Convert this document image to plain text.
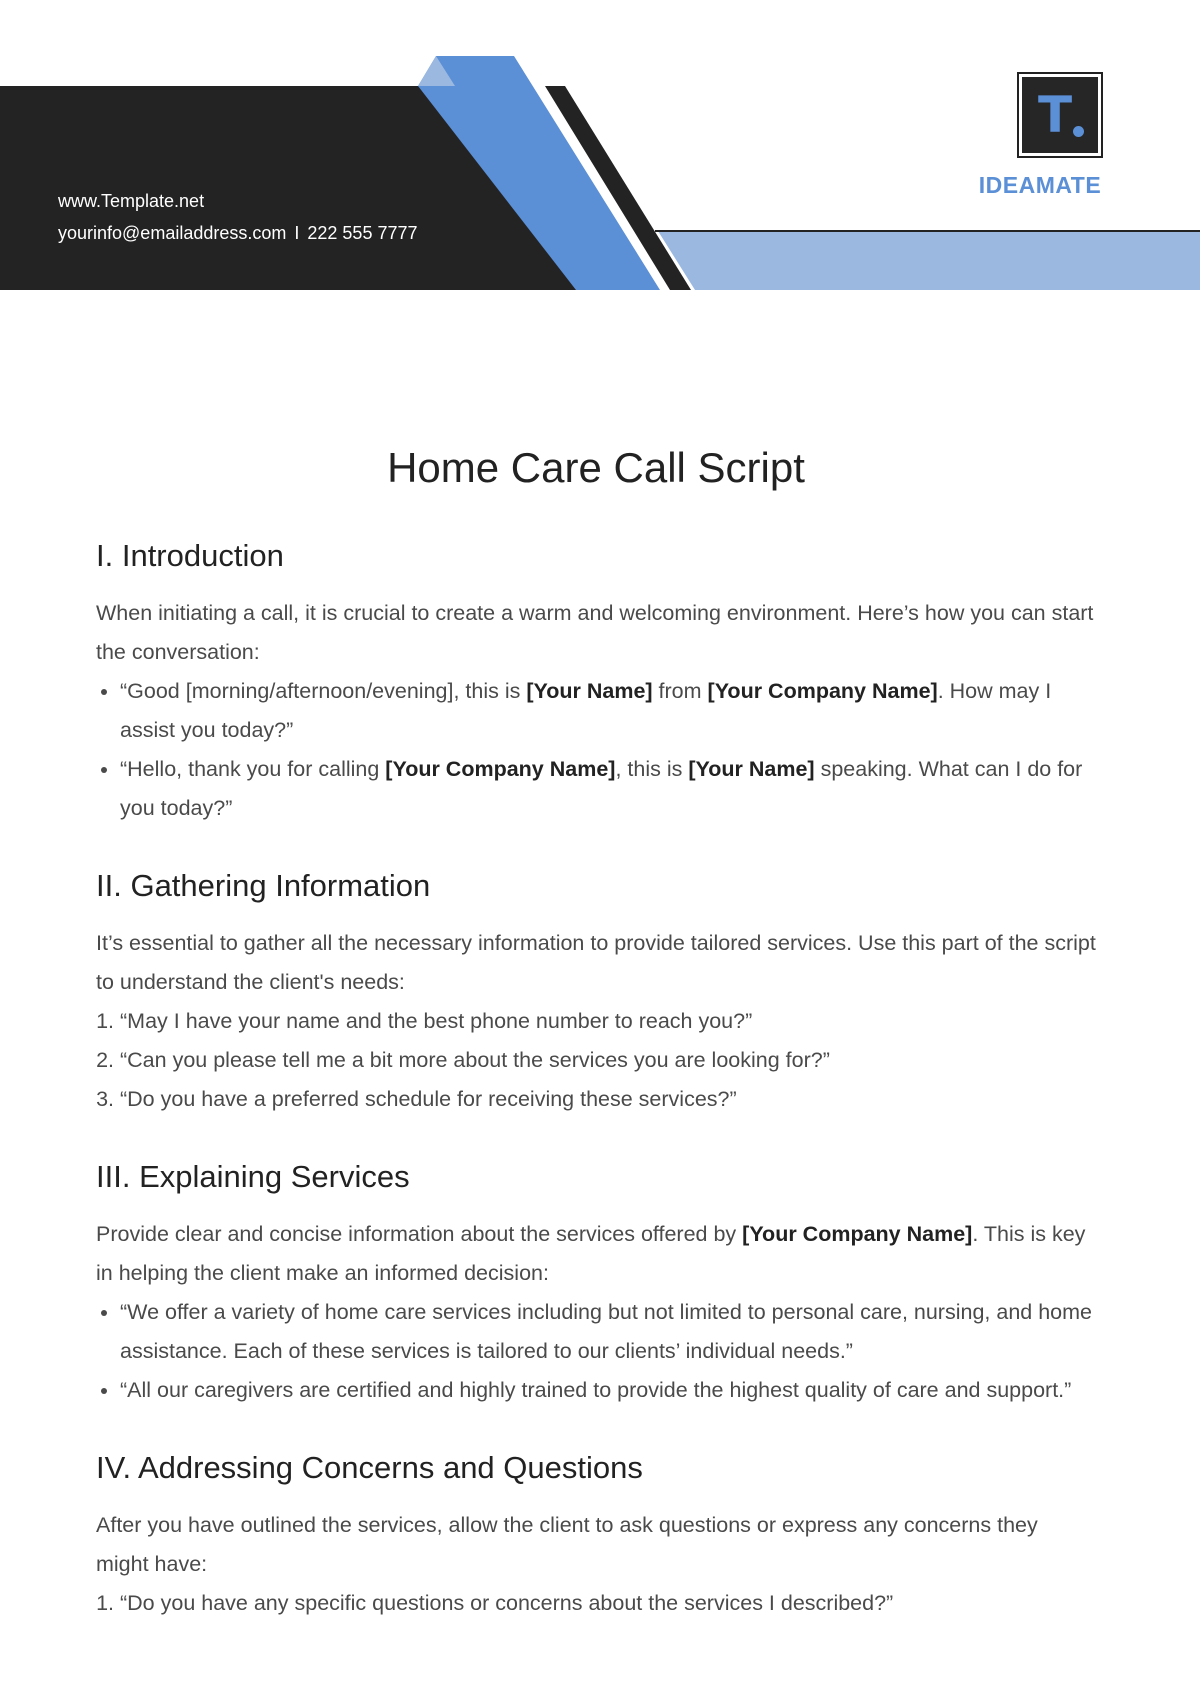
www.Template.net
yourinfo@emailaddress.com I 222 555 7777
T
IDEAMATE
Home Care Call Script
I. Introduction

When initiating a call, it is crucial to create a warm and welcoming environment. Here’s how you can start the conversation:

• “Good [morning/afternoon/evening], this is [Your Name] from [Your Company Name]. How may I assist you today?”
• “Hello, thank you for calling [Your Company Name], this is [Your Name] speaking. What can I do for you today?”
II. Gathering Information

It’s essential to gather all the necessary information to provide tailored services. Use this part of the script to understand the client's needs:

1. “May I have your name and the best phone number to reach you?”
2. “Can you please tell me a bit more about the services you are looking for?”
3. “Do you have a preferred schedule for receiving these services?”
III. Explaining Services

Provide clear and concise information about the services offered by [Your Company Name]. This is key in helping the client make an informed decision:

• “We offer a variety of home care services including but not limited to personal care, nursing, and home assistance. Each of these services is tailored to our clients’ individual needs.”
• “All our caregivers are certified and highly trained to provide the highest quality of care and support.”
IV. Addressing Concerns and Questions

After you have outlined the services, allow the client to ask questions or express any concerns they might have:

1. “Do you have any specific questions or concerns about the services I described?”
